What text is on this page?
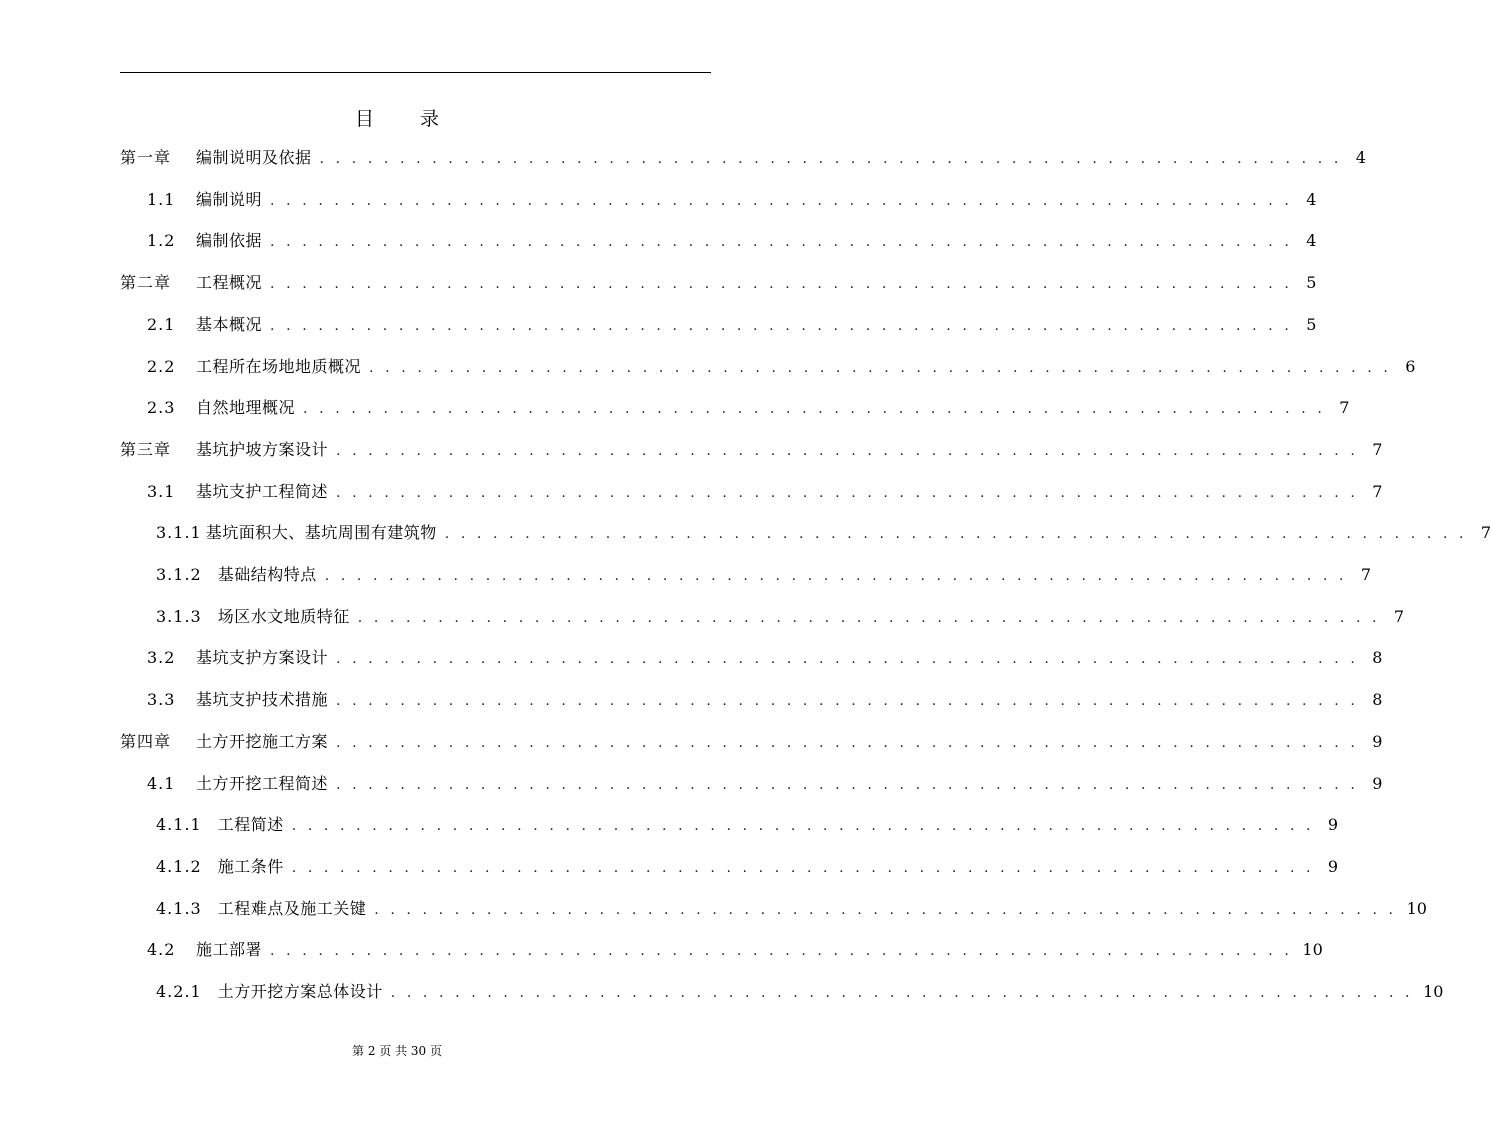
目 录
第一章	编制说明及依据 . . . . . . . . . . . . . . . . . . . . . . . . . . . . . . . . . . . . . . . . . . . . . . . . . . . . . . . . . . . . . . . . 4
1.1	编制说明 . . . . . . . . . . . . . . . . . . . . . . . . . . . . . . . . . . . . . . . . . . . . . . . . . . . . . . . . . . . . . . . . 4
1.2	编制依据 . . . . . . . . . . . . . . . . . . . . . . . . . . . . . . . . . . . . . . . . . . . . . . . . . . . . . . . . . . . . . . . . 4
第二章	工程概况 . . . . . . . . . . . . . . . . . . . . . . . . . . . . . . . . . . . . . . . . . . . . . . . . . . . . . . . . . . . . . . . . 5
2.1	基本概况 . . . . . . . . . . . . . . . . . . . . . . . . . . . . . . . . . . . . . . . . . . . . . . . . . . . . . . . . . . . . . . . . 5
2.2	工程所在场地地质概况 . . . . . . . . . . . . . . . . . . . . . . . . . . . . . . . . . . . . . . . . . . . . . . . . . . . . . . . . . . . . . . . . 6
2.3	自然地理概况 . . . . . . . . . . . . . . . . . . . . . . . . . . . . . . . . . . . . . . . . . . . . . . . . . . . . . . . . . . . . . . . . 7
第三章	基坑护坡方案设计 . . . . . . . . . . . . . . . . . . . . . . . . . . . . . . . . . . . . . . . . . . . . . . . . . . . . . . . . . . . . . . . . 7
3.1	基坑支护工程简述 . . . . . . . . . . . . . . . . . . . . . . . . . . . . . . . . . . . . . . . . . . . . . . . . . . . . . . . . . . . . . . . . 7
3.1.1 基坑面积大、基坑周围有建筑物 . . . . . . . . . . . . . . . . . . . . . . . . . . . . . . . . . . . . . . . . . . . . . . . . . . . . . . . . . . . . . . . . 7
3.1.2 基础结构特点 . . . . . . . . . . . . . . . . . . . . . . . . . . . . . . . . . . . . . . . . . . . . . . . . . . . . . . . . . . . . . . . . 7
3.1.3 场区水文地质特征 . . . . . . . . . . . . . . . . . . . . . . . . . . . . . . . . . . . . . . . . . . . . . . . . . . . . . . . . . . . . . . . . 7
3.2	基坑支护方案设计 . . . . . . . . . . . . . . . . . . . . . . . . . . . . . . . . . . . . . . . . . . . . . . . . . . . . . . . . . . . . . . . . 8
3.3	基坑支护技术措施 . . . . . . . . . . . . . . . . . . . . . . . . . . . . . . . . . . . . . . . . . . . . . . . . . . . . . . . . . . . . . . . . 8
第四章	土方开挖施工方案 . . . . . . . . . . . . . . . . . . . . . . . . . . . . . . . . . . . . . . . . . . . . . . . . . . . . . . . . . . . . . . . . 9
4.1	土方开挖工程简述 . . . . . . . . . . . . . . . . . . . . . . . . . . . . . . . . . . . . . . . . . . . . . . . . . . . . . . . . . . . . . . . . 9
4.1.1 工程简述 . . . . . . . . . . . . . . . . . . . . . . . . . . . . . . . . . . . . . . . . . . . . . . . . . . . . . . . . . . . . . . . . 9
4.1.2 施工条件 . . . . . . . . . . . . . . . . . . . . . . . . . . . . . . . . . . . . . . . . . . . . . . . . . . . . . . . . . . . . . . . . 9
4.1.3 工程难点及施工关键 . . . . . . . . . . . . . . . . . . . . . . . . . . . . . . . . . . . . . . . . . . . . . . . . . . . . . . . . . . . . . . . . 10
4.2	施工部署 . . . . . . . . . . . . . . . . . . . . . . . . . . . . . . . . . . . . . . . . . . . . . . . . . . . . . . . . . . . . . . . . 10
4.2.1 土方开挖方案总体设计 . . . . . . . . . . . . . . . . . . . . . . . . . . . . . . . . . . . . . . . . . . . . . . . . . . . . . . . . . . . . . . . . 10
第 2 页 共 30 页
